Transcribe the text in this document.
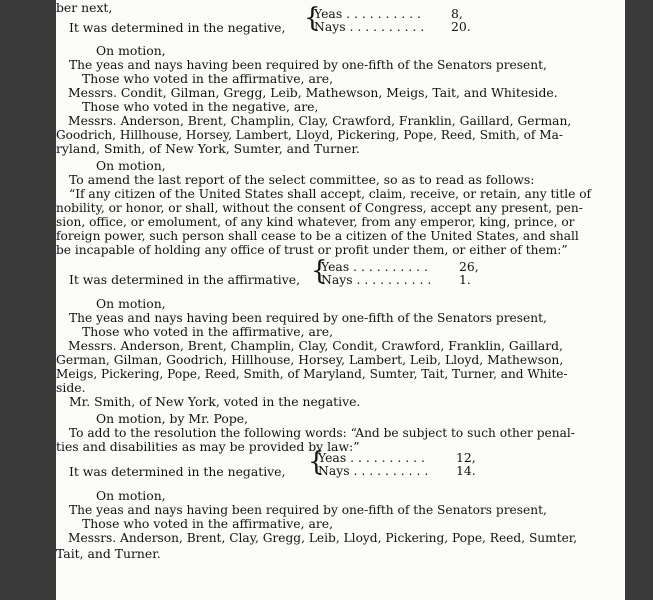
ber next,
It was determined in the negative,
On motion,
The yeas and nays having been required by one-fifth of the Senators present,
Those who voted in the affirmative, are,
Messrs. Condit, Gilman, Gregg, Leib, Mathewson, Meigs, Tait, and Whiteside.
Those who voted in the negative, are,
Messrs. Anderson, Brent, Champlin, Clay, Crawford, Franklin, Gaillard, German,
Goodrich, Hillhouse, Horsey, Lambert, Lloyd, Pickering, Pope, Reed, Smith, of Ma-
ryland, Smith, of New York, Sumter, and Turner.
On motion,
To amend the last report of the select committee, so as to read as follows:
“If any citizen of the United States shall accept, claim, receive, or retain, any title of
nobility, or honor, or shall, without the consent of Congress, accept any present, pen-
sion, office, or emolument, of any kind whatever, from any emperor, king, prince, or
foreign power, such person shall cease to be a citizen of the United States, and shall
be incapable of holding any office of trust or profit under them, or either of them:”
It was determined in the affirmative,
On motion,
The yeas and nays having been required by one-fifth of the Senators present,
Those who voted in the affirmative, are,
Messrs. Anderson, Brent, Champlin, Clay, Condit, Crawford, Franklin, Gaillard,
German, Gilman, Goodrich, Hillhouse, Horsey, Lambert, Leib, Lloyd, Mathewson,
Meigs, Pickering, Pope, Reed, Smith, of Maryland, Sumter, Tait, Turner, and White-
side.
Mr. Smith, of New York, voted in the negative.
On motion, by Mr. Pope,
To add to the resolution the following words: “And be subject to such other penal-
ties and disabilities as may be provided by law:”
It was determined in the negative,
On motion,
The yeas and nays having been required by one-fifth of the Senators present,
Those who voted in the affirmative, are,
Messrs. Anderson, Brent, Clay, Gregg, Leib, Lloyd, Pickering, Pope, Reed, Sumter,
Tait, and Turner.
{
Yeas . . . . . . . . . . 8,
Nays . . . . . . . . . . 20.
{
Yeas . . . . . . . . . .	26,
Nays . . . . . . . . . . 1.
{
Yeas . . . . . . . . . .	12,
Nays . . . . . . . . . . 14.
